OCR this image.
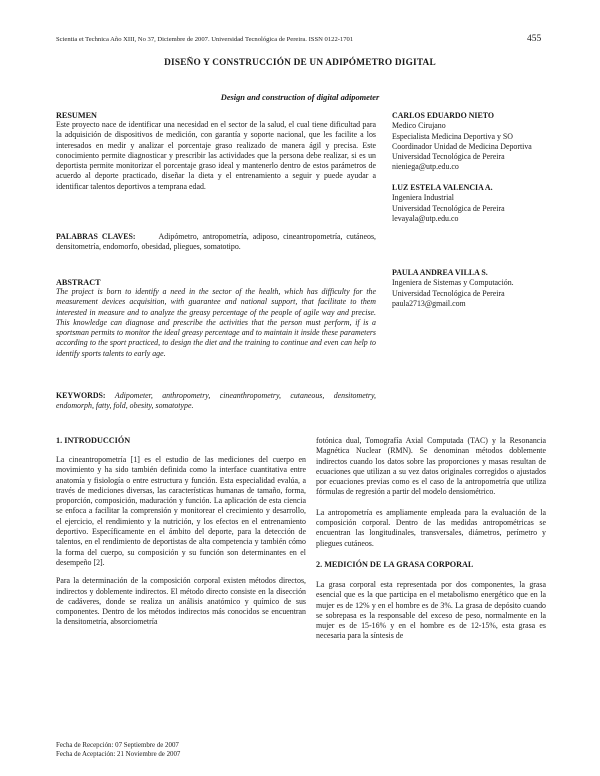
Scientia et Technica Año XIII, No 37, Diciembre de 2007. Universidad Tecnológica de Pereira. ISSN 0122-1701	455
DISEÑO Y CONSTRUCCIÓN DE UN ADIPÓMETRO DIGITAL
Design and construction of digital adipometer
RESUMEN

Este proyecto nace de identificar una necesidad en el sector de la salud, el cual tiene dificultad para la adquisición de dispositivos de medición, con garantía y soporte nacional, que les facilite a los interesados en medir y analizar el porcentaje graso realizado de manera ágil y precisa. Este conocimiento permite diagnosticar y prescribir las actividades que la persona debe realizar, si es un deportista permite monitorizar el porcentaje graso ideal y mantenerlo dentro de estos parámetros de acuerdo al deporte practicado, diseñar la dieta y el entrenamiento a seguir y puede ayudar a identificar talentos deportivos a temprana edad.

PALABRAS CLAVES:	Adipómetro, antropometría, adiposo, cineantropometría, cutáneos, densitometría, endomorfo, obesidad, pliegues, somatotipo.

ABSTRACT

The project is born to identify a need in the sector of the health, which has difficulty for the measurement devices acquisition, with guarantee and national support, that facilitate to them interested in measure and to analyze the greasy percentage of the people of agile way and precise. This knowledge can diagnose and prescribe the activities that the person must perform, if is a sportsman permits to monitor the ideal greasy percentage and to maintain it inside these parameters according to the sport practiced, to design the diet and the training to continue and even can help to identify sports talents to early age.

KEYWORDS: Adipometer, anthropometry, cineanthropometry, cutaneous, densitometry, endomorph, fatty, fold, obesity, somatotype.

CARLOS EDUARDO NIETO
Medico Cirujano
Especialista Medicina Deportiva y SO
Coordinador Unidad de Medicina Deportiva
Universidad Tecnológica de Pereira
nieniega@utp.edu.co
LUZ ESTELA VALENCIA A.
Ingeniera Industrial
Universidad Tecnológica de Pereira
levayala@utp.edu.co
PAULA ANDREA VILLA S.
Ingeniera de Sistemas y Computación.
Universidad Tecnológica de Pereira
paula2713@gmail.com
1. INTRODUCCIÓN

La cineantropometría [1] es el estudio de las mediciones del cuerpo en movimiento y ha sido también definida como la interface cuantitativa entre anatomía y fisiología o entre estructura y función. Esta especialidad evalúa, a través de mediciones diversas, las características humanas de tamaño, forma, proporción, composición, maduración y función. La aplicación de esta ciencia se enfoca a facilitar la comprensión y monitorear el crecimiento y desarrollo, el ejercicio, el rendimiento y la nutrición, y los efectos en el entrenamiento deportivo. Específicamente en el ámbito del deporte, para la detección de talentos, en el rendimiento de deportistas de alta competencia y también cómo la forma del cuerpo, su composición y su función son determinantes en el desempeño [2].

Para la determinación de la composición corporal existen métodos directos, indirectos y doblemente indirectos. El método directo consiste en la disección de cadáveres, donde se realiza un análisis anatómico y químico de sus componentes. Dentro de los métodos indirectos más conocidos se encuentran la densitometría, absorciometría

Fecha de Recepción: 07 Septiembre de 2007
Fecha de Aceptación: 21 Noviembre de 2007

fotónica dual, Tomografía Axial Computada (TAC) y la Resonancia Magnética Nuclear (RMN). Se denominan métodos doblemente indirectos cuando los datos sobre las proporciones y masas resultan de ecuaciones que utilizan a su vez datos originales corregidos o ajustados por ecuaciones previas como es el caso de la antropometría que utiliza fórmulas de regresión a partir del modelo densiométrico.

La antropometría es ampliamente empleada para la evaluación de la composición corporal. Dentro de las medidas antropométricas se encuentran las longitudinales, transversales, diámetros, perímetro y pliegues cutáneos.

2. MEDICIÓN DE LA GRASA CORPORAL

La grasa corporal esta representada por dos componentes, la grasa esencial que es la que participa en el metabolismo energético que en la mujer es de 12% y en el hombre es de 3%. La grasa de depósito cuando se sobrepasa es la responsable del exceso de peso, normalmente en la mujer es de 15-16% y en el hombre es de 12-15%, esta grasa es necesaria para la síntesis de
